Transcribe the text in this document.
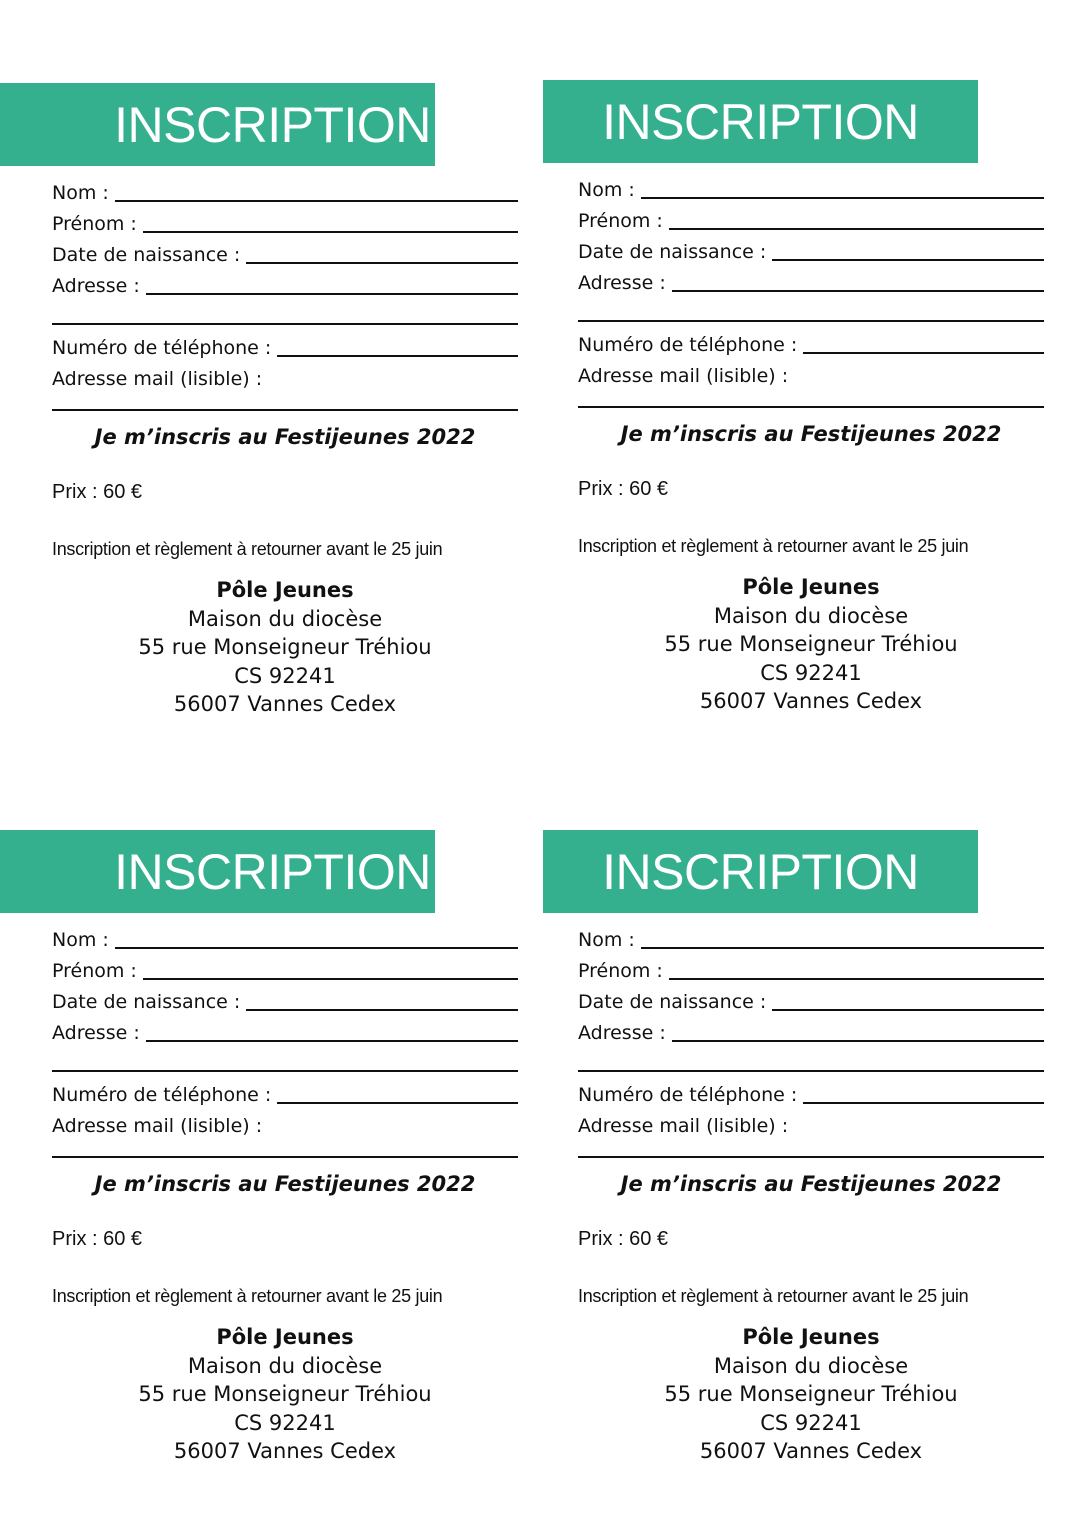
INSCRIPTION
Nom :
Prénom :
Date de naissance :
Adresse :
Numéro de téléphone :
Adresse mail (lisible) :
Je m’inscris au Festijeunes 2022
Prix : 60 €
Inscription et règlement à retourner avant le 25 juin
Pôle Jeunes
Maison du diocèse
55 rue Monseigneur Tréhiou
CS 92241
56007 Vannes Cedex
INSCRIPTION
Nom :
Prénom :
Date de naissance :
Adresse :
Numéro de téléphone :
Adresse mail (lisible) :
Je m’inscris au Festijeunes 2022
Prix : 60 €
Inscription et règlement à retourner avant le 25 juin
Pôle Jeunes
Maison du diocèse
55 rue Monseigneur Tréhiou
CS 92241
56007 Vannes Cedex
INSCRIPTION
Nom :
Prénom :
Date de naissance :
Adresse :
Numéro de téléphone :
Adresse mail (lisible) :
Je m’inscris au Festijeunes 2022
Prix : 60 €
Inscription et règlement à retourner avant le 25 juin
Pôle Jeunes
Maison du diocèse
55 rue Monseigneur Tréhiou
CS 92241
56007 Vannes Cedex
INSCRIPTION
Nom :
Prénom :
Date de naissance :
Adresse :
Numéro de téléphone :
Adresse mail (lisible) :
Je m’inscris au Festijeunes 2022
Prix : 60 €
Inscription et règlement à retourner avant le 25 juin
Pôle Jeunes
Maison du diocèse
55 rue Monseigneur Tréhiou
CS 92241
56007 Vannes Cedex
